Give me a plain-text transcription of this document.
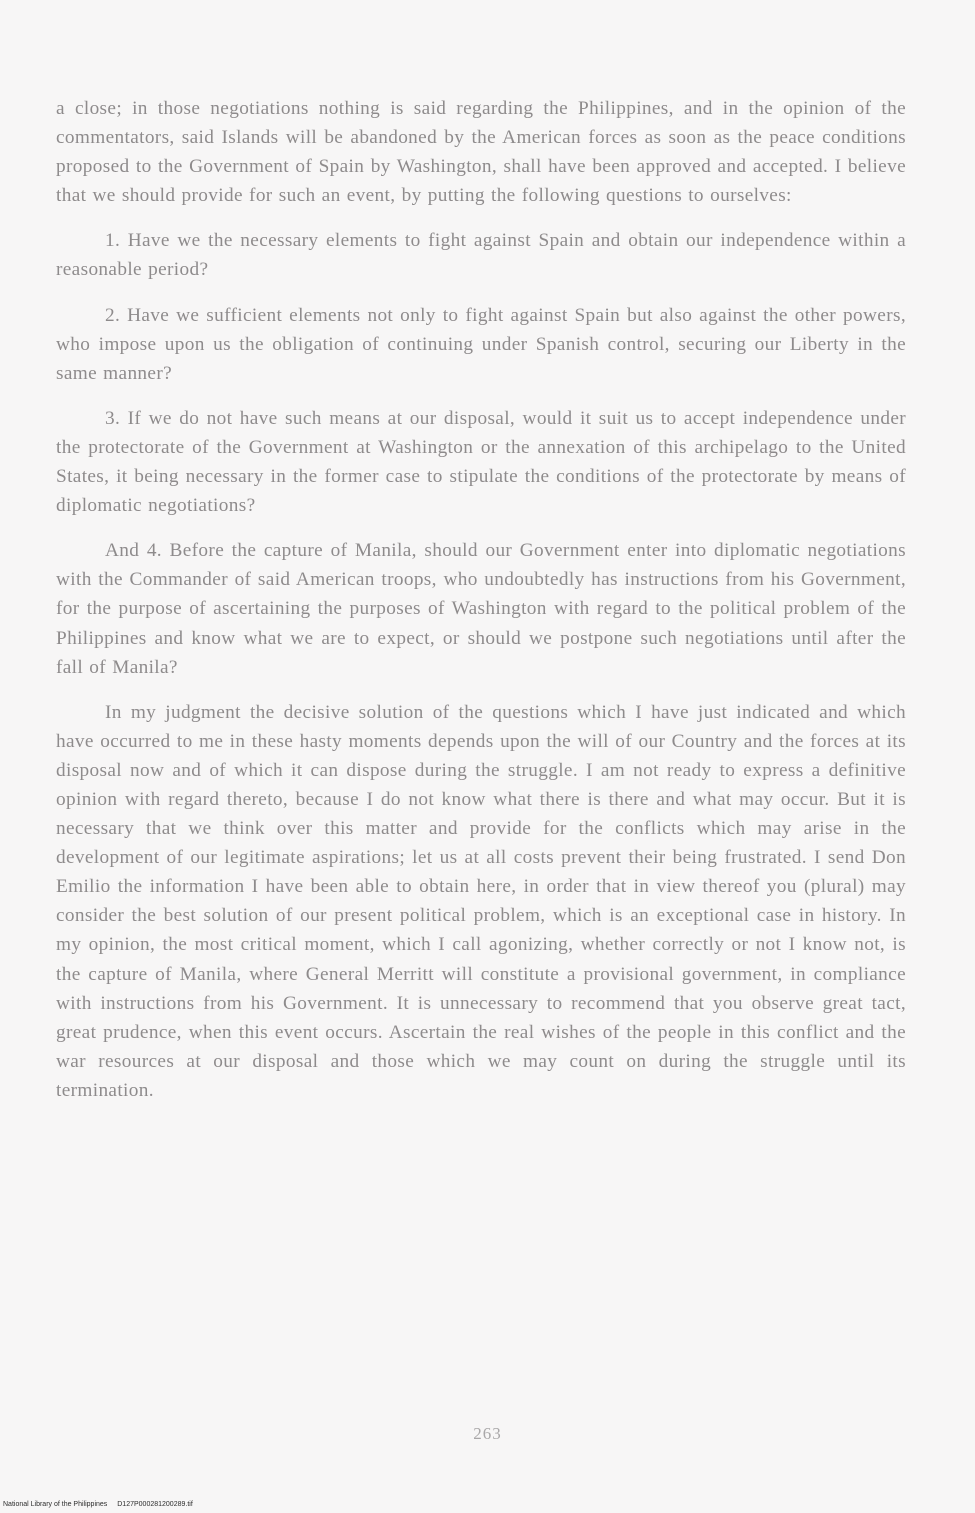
a close; in those negotiations nothing is said regarding the Philippines, and in the opinion of the commentators, said Islands will be abandoned by the American forces as soon as the peace conditions proposed to the Government of Spain by Washington, shall have been approved and accepted. I believe that we should provide for such an event, by putting the following questions to ourselves:

1. Have we the necessary elements to fight against Spain and obtain our independence within a reasonable period?

2. Have we sufficient elements not only to fight against Spain but also against the other powers, who impose upon us the obligation of continuing under Spanish control, securing our Liberty in the same manner?

3. If we do not have such means at our disposal, would it suit us to accept independence under the protectorate of the Government at Washington or the annexation of this archipelago to the United States, it being necessary in the former case to stipulate the conditions of the protectorate by means of diplomatic negotiations?

And 4. Before the capture of Manila, should our Government enter into diplomatic negotiations with the Commander of said American troops, who undoubtedly has instructions from his Government, for the purpose of ascertaining the purposes of Washington with regard to the political problem of the Philippines and know what we are to expect, or should we postpone such negotiations until after the fall of Manila?

In my judgment the decisive solution of the questions which I have just indicated and which have occurred to me in these hasty moments depends upon the will of our Country and the forces at its disposal now and of which it can dispose during the struggle. I am not ready to express a definitive opinion with regard thereto, because I do not know what there is there and what may occur. But it is necessary that we think over this matter and provide for the conflicts which may arise in the development of our legitimate aspirations; let us at all costs prevent their being frustrated. I send Don Emilio the information I have been able to obtain here, in order that in view thereof you (plural) may consider the best solution of our present political problem, which is an exceptional case in history. In my opinion, the most critical moment, which I call agonizing, whether correctly or not I know not, is the capture of Manila, where General Merritt will constitute a provisional government, in compliance with instructions from his Government. It is unnecessary to recommend that you observe great tact, great prudence, when this event occurs. Ascertain the real wishes of the people in this conflict and the war resources at our disposal and those which we may count on during the struggle until its termination.

263
National Library of the Philippines D127P000281200289.tif
